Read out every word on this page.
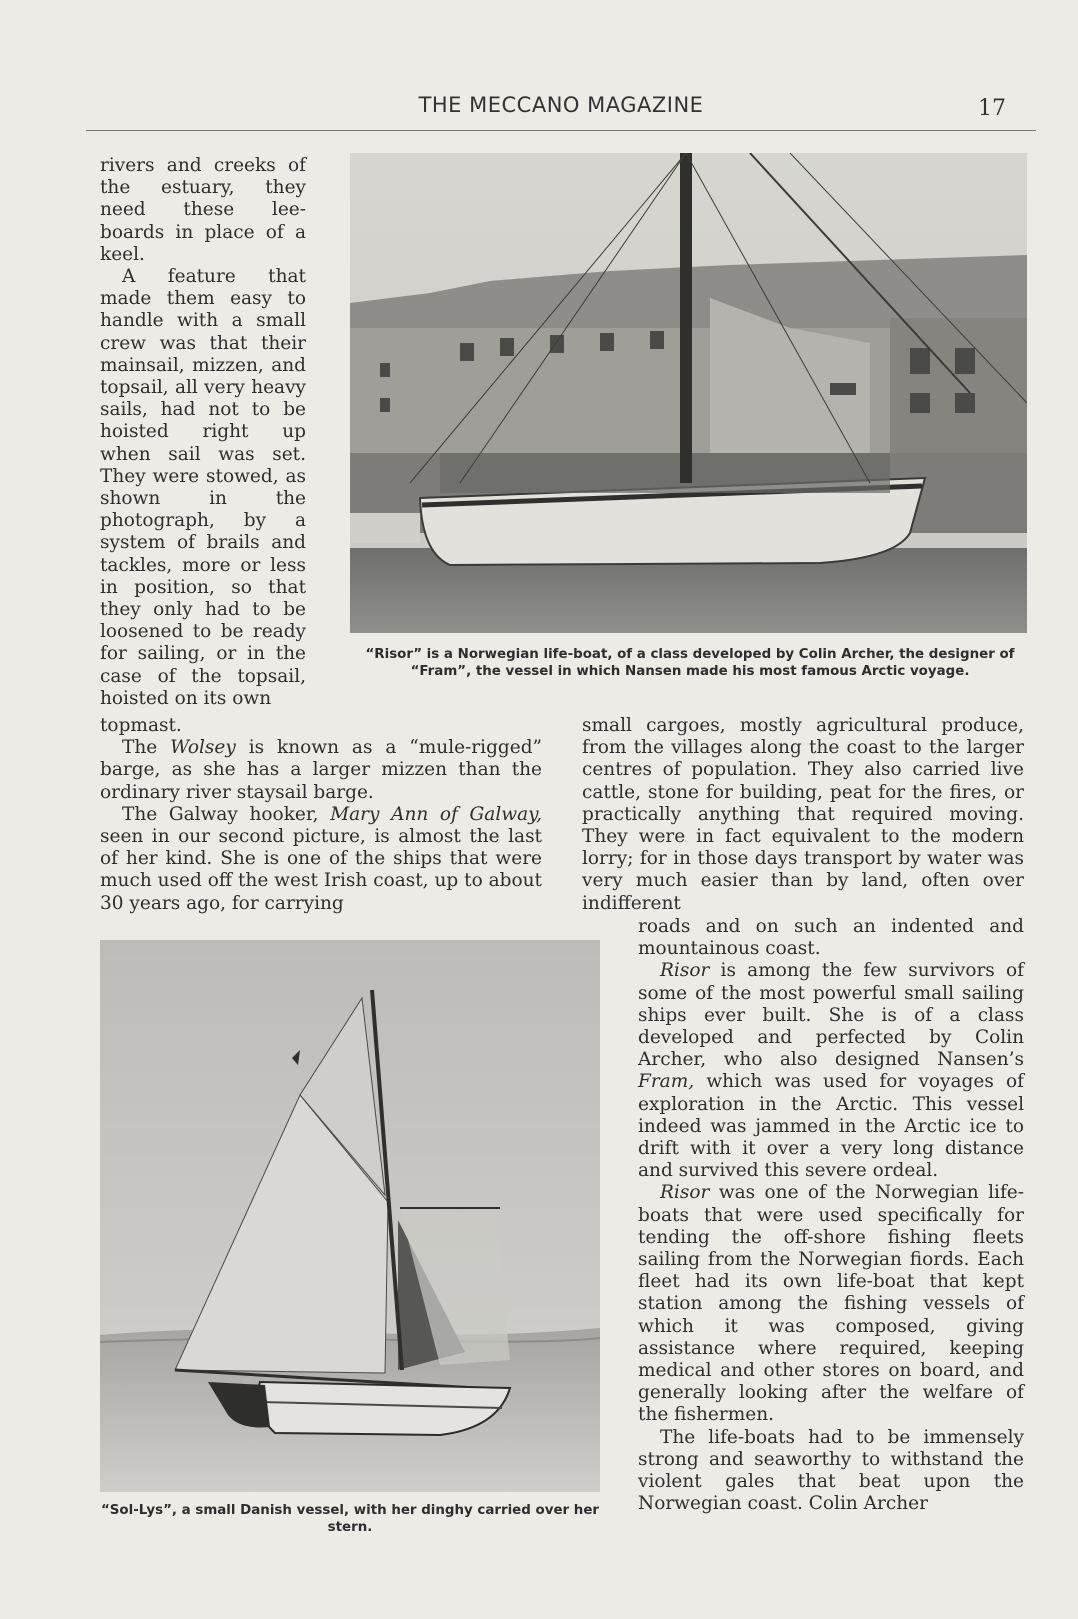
THE MECCANO MAGAZINE	17

rivers and creeks of the estuary, they need these lee-boards in place of a keel.

A feature that made them easy to handle with a small crew was that their mainsail, mizzen, and topsail, all very heavy sails, had not to be hoisted right up when sail was set. They were stowed, as shown in the photograph, by a system of brails and tackles, more or less in position, so that they only had to be loosened to be ready for sailing, or in the case of the topsail, hoisted on its own

“Risor” is a Norwegian life-boat, of a class developed by Colin Archer, the designer of “Fram”, the vessel in which Nansen made his most famous Arctic voyage.

topmast.

The Wolsey is known as a “mule-rigged” barge, as she has a larger mizzen than the ordinary river staysail barge.

The Galway hooker, Mary Ann of Galway, seen in our second picture, is almost the last of her kind. She is one of the ships that were much used off the west Irish coast, up to about 30 years ago, for carrying

small cargoes, mostly agricultural produce, from the villages along the coast to the larger centres of population. They also carried live cattle, stone for building, peat for the fires, or practically anything that required moving. They were in fact equivalent to the modern lorry; for in those days transport by water was very much easier than by land, often over indifferent

roads and on such an indented and mountainous coast.

Risor is among the few survivors of some of the most powerful small sailing ships ever built. She is of a class developed and perfected by Colin Archer, who also designed Nansen’s Fram, which was used for voyages of exploration in the Arctic. This vessel indeed was jammed in the Arctic ice to drift with it over a very long distance and survived this severe ordeal.

Risor was one of the Norwegian life-boats that were used specifically for tending the off-shore fishing fleets sailing from the Norwegian fiords. Each fleet had its own life-boat that kept station among the fishing vessels of which it was composed, giving assistance where required, keeping medical and other stores on board, and generally looking after the welfare of the fishermen.

The life-boats had to be immensely strong and seaworthy to withstand the violent gales that beat upon the Norwegian coast. Colin Archer

“Sol-Lys”, a small Danish vessel, with her dinghy carried over her stern.
